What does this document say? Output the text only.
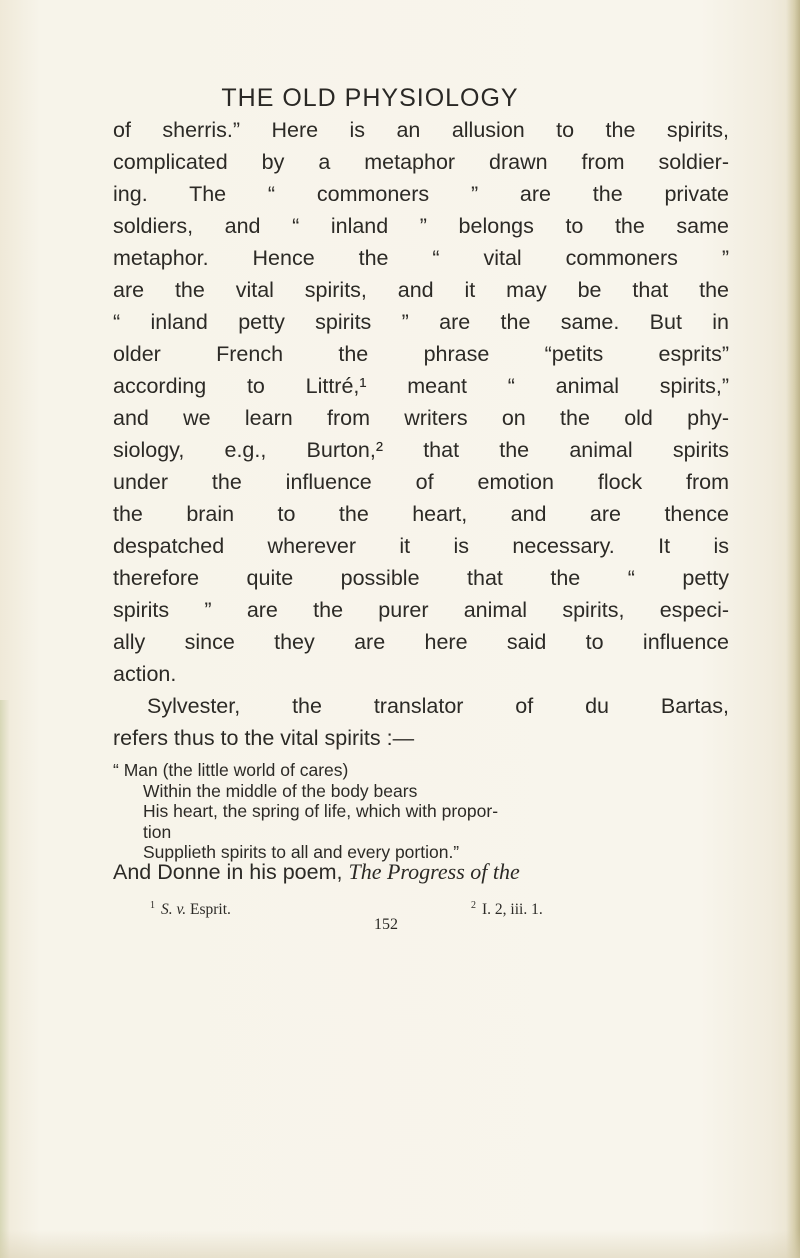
THE OLD PHYSIOLOGY
of sherris.” Here is an allusion to the spirits,
complicated by a metaphor drawn from soldier-
ing. The “ commoners ” are the private
soldiers, and “ inland ” belongs to the same
metaphor. Hence the “ vital commoners ”
are the vital spirits, and it may be that the
“ inland petty spirits ” are the same. But in
older French the phrase “petits esprits”
according to Littré,¹ meant “ animal spirits,”
and we learn from writers on the old phy-
siology, e.g., Burton,² that the animal spirits
under the influence of emotion flock from
the brain to the heart, and are thence
despatched wherever it is necessary. It is
therefore quite possible that the “ petty
spirits ” are the purer animal spirits, especi-
ally since they are here said to influence
action.
Sylvester, the translator of du Bartas,
refers thus to the vital spirits :—
“ Man (the little world of cares)
Within the middle of the body bears
His heart, the spring of life, which with propor-
tion
Supplieth spirits to all and every portion.”
And Donne in his poem, The Progress of the
$^1$ S. v. Esprit.	$^2$ I. 2, iii. 1.
152
